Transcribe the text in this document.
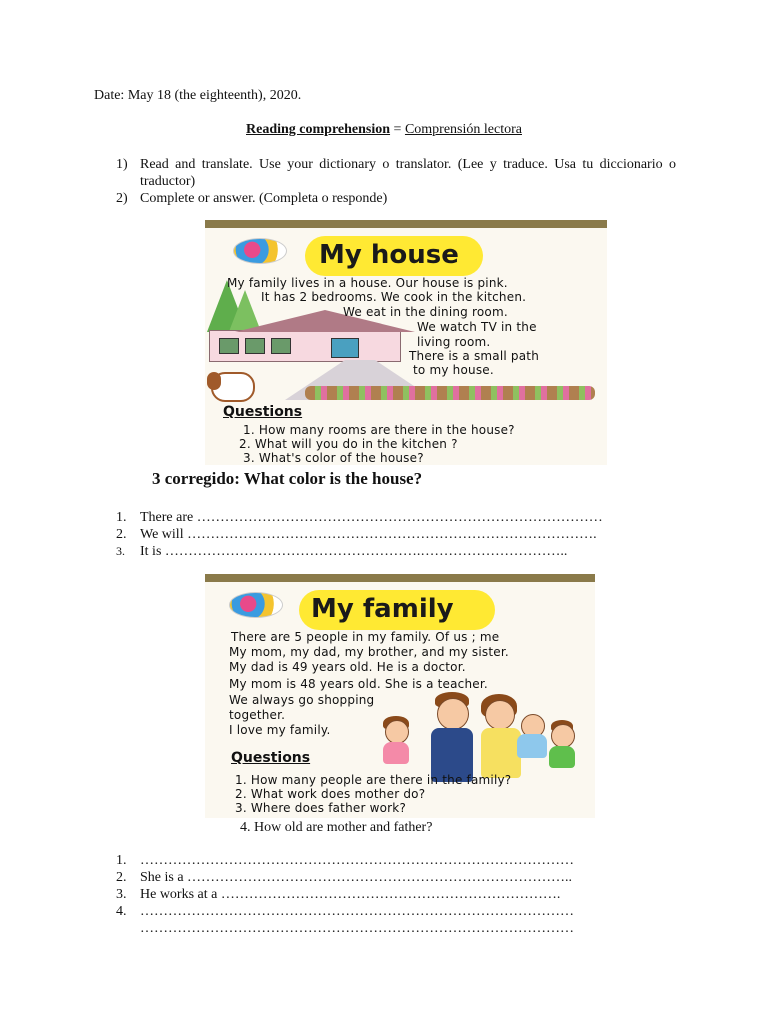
Date: May 18 (the eighteenth), 2020.
Reading comprehension = Comprensión lectora
1) Read and translate. Use your dictionary o translator. (Lee y traduce. Usa tu diccionario o traductor)
2) Complete or answer. (Completa o responde)
My house
My family lives in a house. Our house is pink.
It has 2 bedrooms. We cook in the kitchen.
We eat in the dining room.
We watch TV in the
living room.
There is a small path
to my house.
Questions
1. How many rooms are there in the house?
2. What will you do in the kitchen ?
3. What's color of the house?
3 corregido: What color is the house?
1. There are ……………………………………………………………………………
2. We will …………………………………………………………………………….
3.	It is ……………………………………………….…………………………..
My family
There are 5 people in my family. Of us ; me
My mom, my dad, my brother, and my sister.
My dad is 49 years old. He is a doctor.
My mom is 48 years old. She is a teacher.
We always go shopping
together.
I love my family.
Questions
1. How many people are there in the family?
2. What work does mother do?
3. Where does father work?
4. How old are mother and father?
1. …………………………………………………………………………………
2. She is a ………………………………………………………………………..
3. He works at a ……………………………………………………………….
4. …………………………………………………………………………………
…………………………………………………………………………………
